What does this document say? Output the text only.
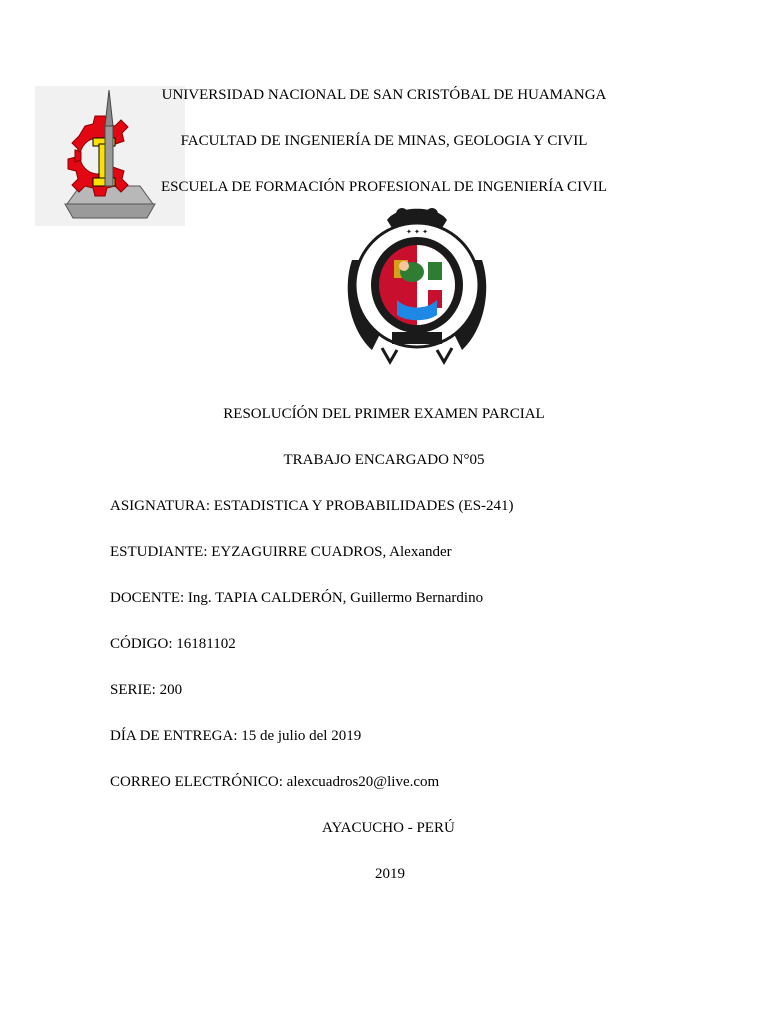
UNIVERSIDAD NACIONAL DE SAN CRISTÓBAL DE HUAMANGA
FACULTAD DE INGENIERÍA DE MINAS, GEOLOGIA Y CIVIL
ESCUELA DE FORMACIÓN PROFESIONAL DE INGENIERÍA CIVIL
✦ ✦ ✦
RESOLUCÍÓN DEL PRIMER EXAMEN PARCIAL
TRABAJO ENCARGADO N°05
ASIGNATURA: ESTADISTICA Y PROBABILIDADES (ES-241)
ESTUDIANTE: EYZAGUIRRE CUADROS, Alexander
DOCENTE: Ing. TAPIA CALDERÓN, Guillermo Bernardino
CÓDIGO: 16181102
SERIE: 200
DÍA DE ENTREGA: 15 de julio del 2019
CORREO ELECTRÓNICO: alexcuadros20@live.com
AYACUCHO - PERÚ
2019
